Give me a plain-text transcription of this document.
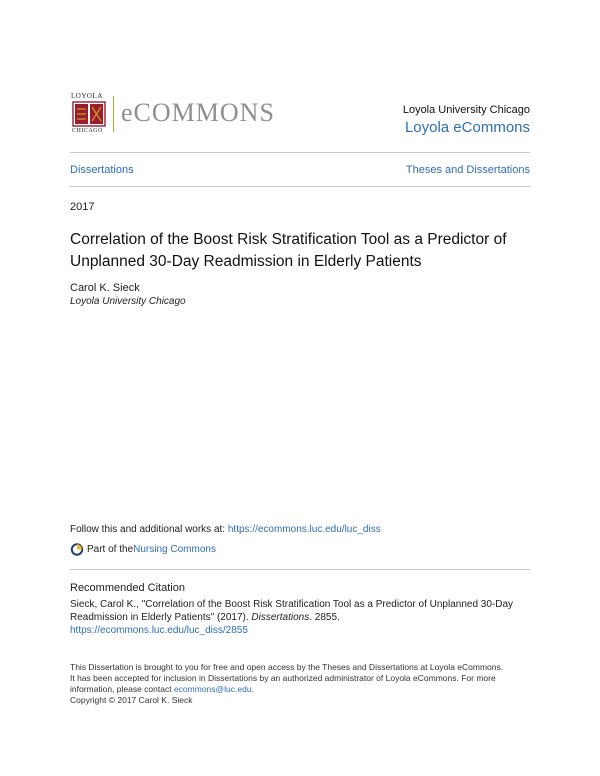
LOYOLA
CHICAGO
eCOMMONS	Loyola University Chicago
Loyola eCommons
Dissertations	Theses and Dissertations
2017
Correlation of the Boost Risk Stratification Tool as a Predictor of
Unplanned 30-Day Readmission in Elderly Patients
Carol K. Sieck
Loyola University Chicago
Follow this and additional works at: https://ecommons.luc.edu/luc_diss
Part of the Nursing Commons
Recommended Citation
Sieck, Carol K., "Correlation of the Boost Risk Stratification Tool as a Predictor of Unplanned 30-Day
Readmission in Elderly Patients" (2017). Dissertations. 2855.
https://ecommons.luc.edu/luc_diss/2855
This Dissertation is brought to you for free and open access by the Theses and Dissertations at Loyola eCommons.
It has been accepted for inclusion in Dissertations by an authorized administrator of Loyola eCommons. For more
information, please contact ecommons@luc.edu.
Copyright © 2017 Carol K. Sieck
